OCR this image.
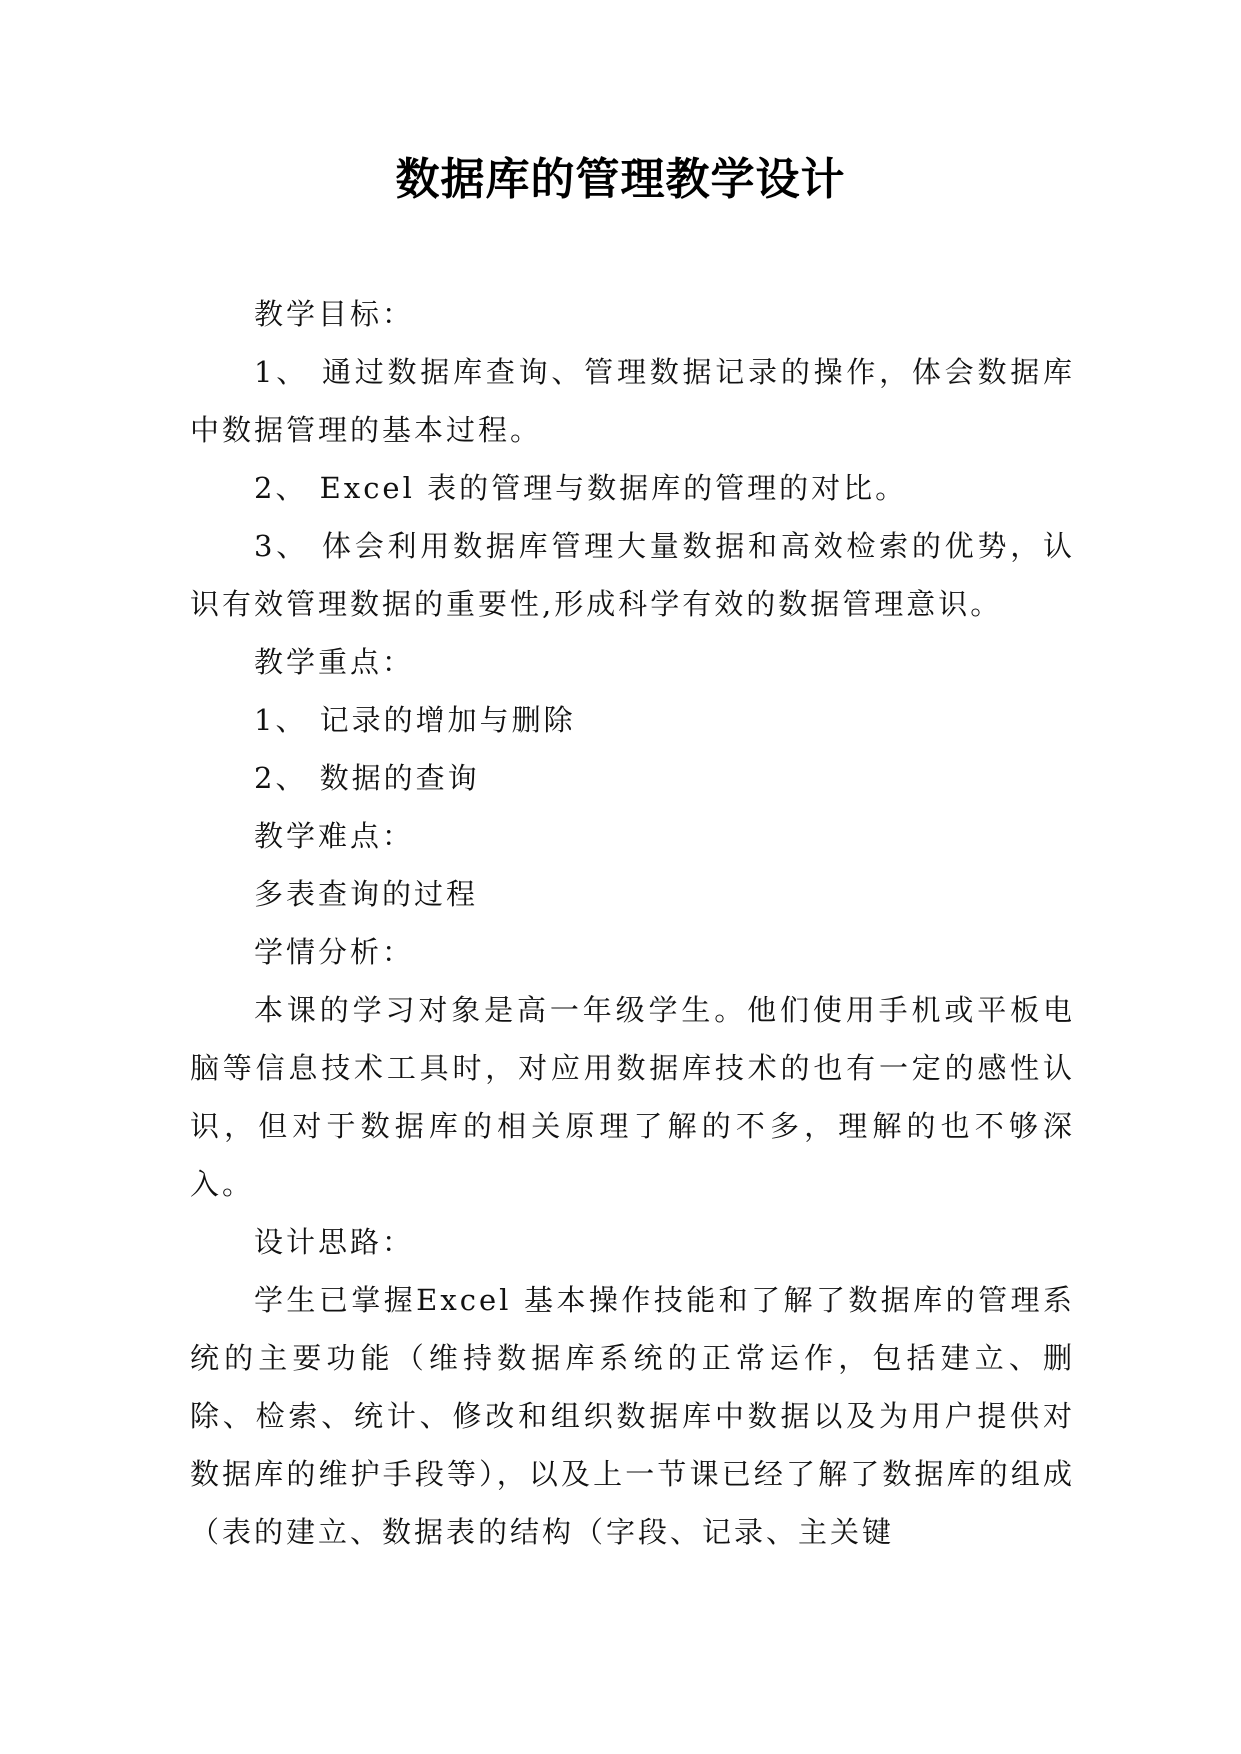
数据库的管理教学设计

教学目标：

1、 通过数据库查询、管理数据记录的操作，体会数据库中数据管理的基本过程。

2、 Excel 表的管理与数据库的管理的对比。

3、 体会利用数据库管理大量数据和高效检索的优势，认识有效管理数据的重要性,形成科学有效的数据管理意识。

教学重点：

1、 记录的增加与删除

2、 数据的查询

教学难点：

多表查询的过程

学情分析：

本课的学习对象是高一年级学生。他们使用手机或平板电脑等信息技术工具时，对应用数据库技术的也有一定的感性认识，但对于数据库的相关原理了解的不多，理解的也不够深入。

设计思路：

学生已掌握Excel 基本操作技能和了解了数据库的管理系统的主要功能（维持数据库系统的正常运作，包括建立、删除、检索、统计、修改和组织数据库中数据以及为用户提供对数据库的维护手段等），以及上一节课已经了解了数据库的组成（表的建立、数据表的结构（字段、记录、主关键
